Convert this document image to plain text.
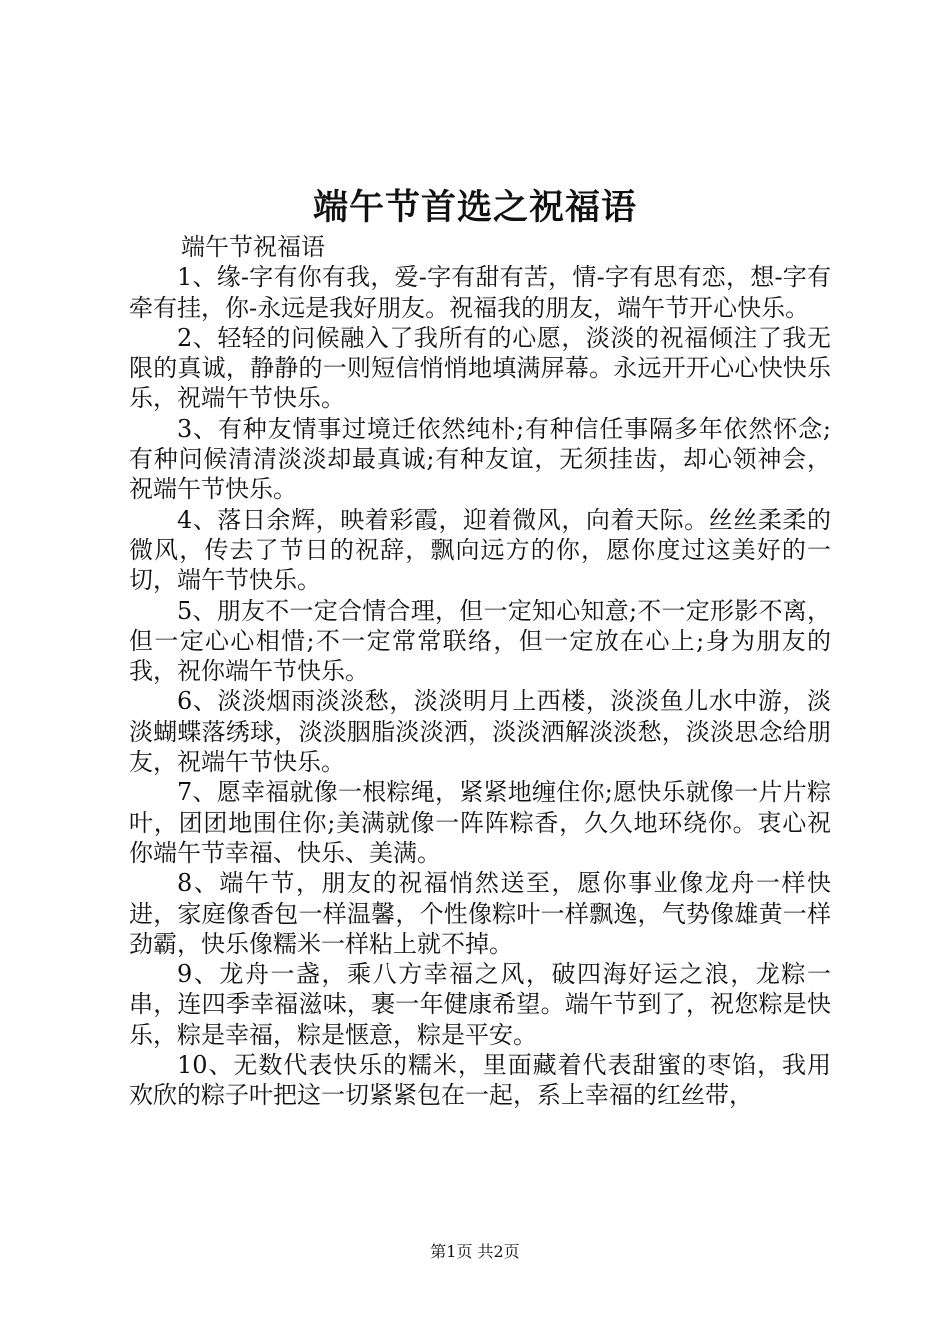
端午节首选之祝福语

端午节祝福语

1、缘-字有你有我，爱-字有甜有苦，情-字有思有恋，想-字有牵有挂，你-永远是我好朋友。祝福我的朋友，端午节开心快乐。

2、轻轻的问候融入了我所有的心愿，淡淡的祝福倾注了我无限的真诚，静静的一则短信悄悄地填满屏幕。永远开开心心快快乐乐，祝端午节快乐。

3、有种友情事过境迁依然纯朴;有种信任事隔多年依然怀念;有种问候清清淡淡却最真诚;有种友谊，无须挂齿，却心领神会，祝端午节快乐。

4、落日余辉，映着彩霞，迎着微风，向着天际。丝丝柔柔的微风，传去了节日的祝辞，飘向远方的你，愿你度过这美好的一切，端午节快乐。

5、朋友不一定合情合理，但一定知心知意;不一定形影不离，但一定心心相惜;不一定常常联络，但一定放在心上;身为朋友的我，祝你端午节快乐。

6、淡淡烟雨淡淡愁，淡淡明月上西楼，淡淡鱼儿水中游，淡淡蝴蝶落绣球，淡淡胭脂淡淡洒，淡淡洒解淡淡愁，淡淡思念给朋友，祝端午节快乐。

7、愿幸福就像一根粽绳，紧紧地缠住你;愿快乐就像一片片粽叶，团团地围住你;美满就像一阵阵粽香，久久地环绕你。衷心祝你端午节幸福、快乐、美满。

8、端午节，朋友的祝福悄然送至，愿你事业像龙舟一样快进，家庭像香包一样温馨，个性像粽叶一样飘逸，气势像雄黄一样劲霸，快乐像糯米一样粘上就不掉。

9、龙舟一盏，乘八方幸福之风，破四海好运之浪，龙粽一串，连四季幸福滋味，裹一年健康希望。端午节到了，祝您粽是快乐，粽是幸福，粽是惬意，粽是平安。

10、无数代表快乐的糯米，里面藏着代表甜蜜的枣馅，我用欢欣的粽子叶把这一切紧紧包在一起，系上幸福的红丝带，

第1页 共2页
